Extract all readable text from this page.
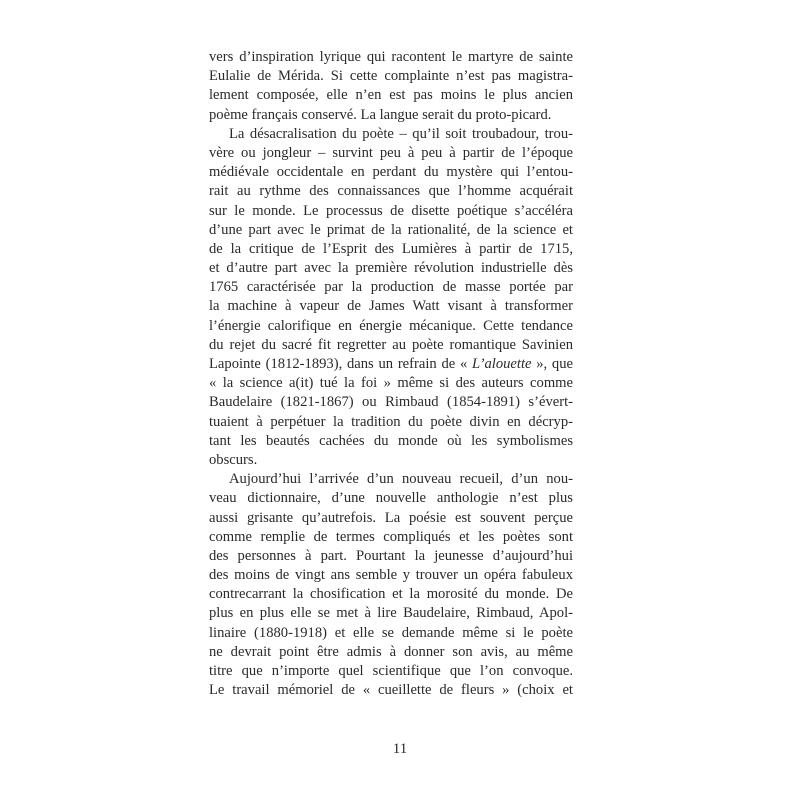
vers d’inspiration lyrique qui racontent le martyre de sainte
Eulalie de Mérida. Si cette complainte n’est pas magistra-
lement composée, elle n’en est pas moins le plus ancien
poème français conservé. La langue serait du proto-picard.
La désacralisation du poète – qu’il soit troubadour, trou-
vère ou jongleur – survint peu à peu à partir de l’époque
médiévale occidentale en perdant du mystère qui l’entou-
rait au rythme des connaissances que l’homme acquérait
sur le monde. Le processus de disette poétique s’accéléra
d’une part avec le primat de la rationalité, de la science et
de la critique de l’Esprit des Lumières à partir de 1715,
et d’autre part avec la première révolution industrielle dès
1765 caractérisée par la production de masse portée par
la machine à vapeur de James Watt visant à transformer
l’énergie calorifique en énergie mécanique. Cette tendance
du rejet du sacré fit regretter au poète romantique Savinien
Lapointe (1812-1893), dans un refrain de « L’alouette », que
« la science a(it) tué la foi » même si des auteurs comme
Baudelaire (1821-1867) ou Rimbaud (1854-1891) s’évert-
tuaient à perpétuer la tradition du poète divin en décryp-
tant les beautés cachées du monde où les symbolismes
obscurs.
Aujourd’hui l’arrivée d’un nouveau recueil, d’un nou-
veau dictionnaire, d’une nouvelle anthologie n’est plus
aussi grisante qu’autrefois. La poésie est souvent perçue
comme remplie de termes compliqués et les poètes sont
des personnes à part. Pourtant la jeunesse d’aujourd’hui
des moins de vingt ans semble y trouver un opéra fabuleux
contrecarrant la chosification et la morosité du monde. De
plus en plus elle se met à lire Baudelaire, Rimbaud, Apol-
linaire (1880-1918) et elle se demande même si le poète
ne devrait point être admis à donner son avis, au même
titre que n’importe quel scientifique que l’on convoque.
Le travail mémoriel de « cueillette de fleurs » (choix et
11
